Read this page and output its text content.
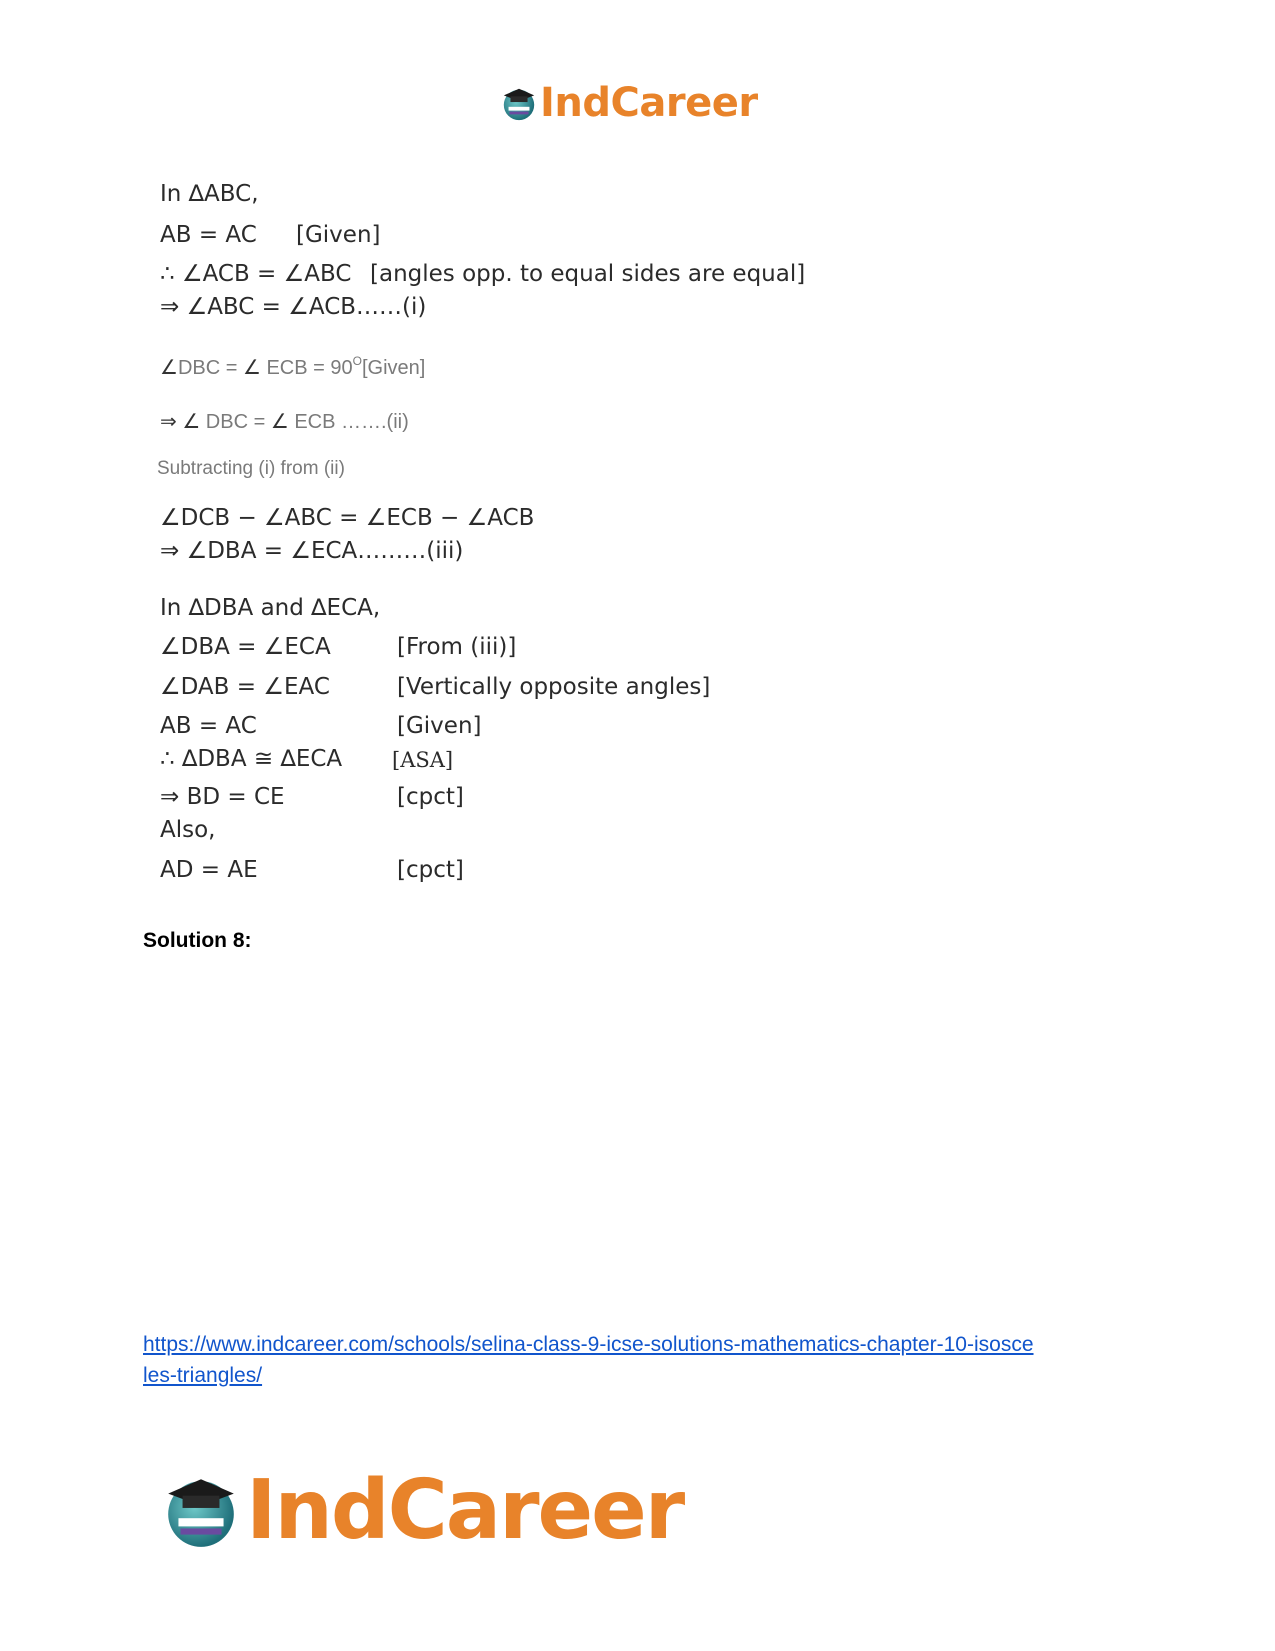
IndCareer
In ∆ABC,
AB = AC [Given]
∴ ∠ACB = ∠ABC [angles opp. to equal sides are equal]
⇒ ∠ABC = ∠ACB……(i)
∠DBC = ∠ ECB = $90^O[Given]$
⇒ ∠ DBC = ∠ ECB …….(ii)
Subtracting (i) from (ii)
∠DCB − ∠ABC = ∠ECB − ∠ACB
⇒ ∠DBA = ∠ECA………(iii)
In ∆DBA and ∆ECA,
∠DBA = ∠ECA	[From (iii)]
∠DAB = ∠EAC	[Vertically opposite angles]
AB = AC	[Given]
∴ ∆DBA ≅ ∆ECA [ASA]
⇒ BD = CE	[cpct]
Also,
AD = AE	[cpct]
Solution 8:
https://www.indcareer.com/schools/selina-class-9-icse-solutions-mathematics-chapter-10-isosce
les-triangles/
IndCareer
